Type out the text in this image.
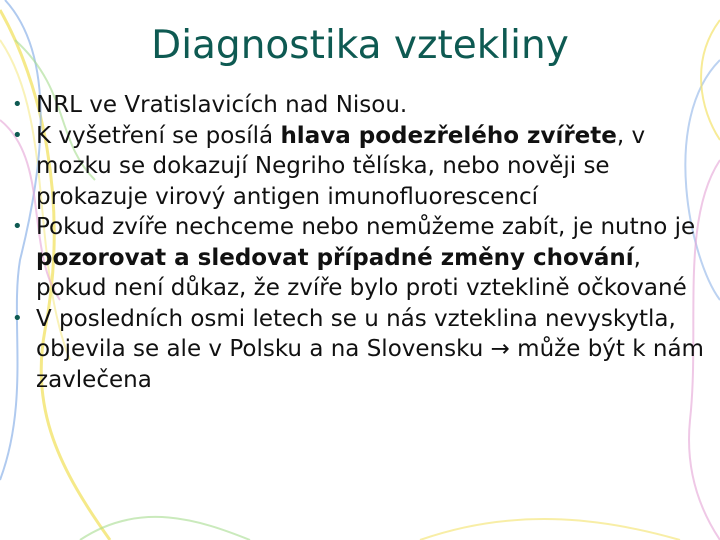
Diagnostika vztekliny
• NRL ve Vratislavicích nad Nisou.
• K vyšetření se posílá hlava podezřelého zvířete, v mozku se dokazují Negriho tělíska, nebo nověji se prokazuje virový antigen imunofluorescencí
• Pokud zvíře nechceme nebo nemůžeme zabít, je nutno je pozorovat a sledovat případné změny chování, pokud není důkaz, že zvíře bylo proti vzteklině očkované
• V posledních osmi letech se u nás vzteklina nevyskytla, objevila se ale v Polsku a na Slovensku → může být k nám zavlečena
